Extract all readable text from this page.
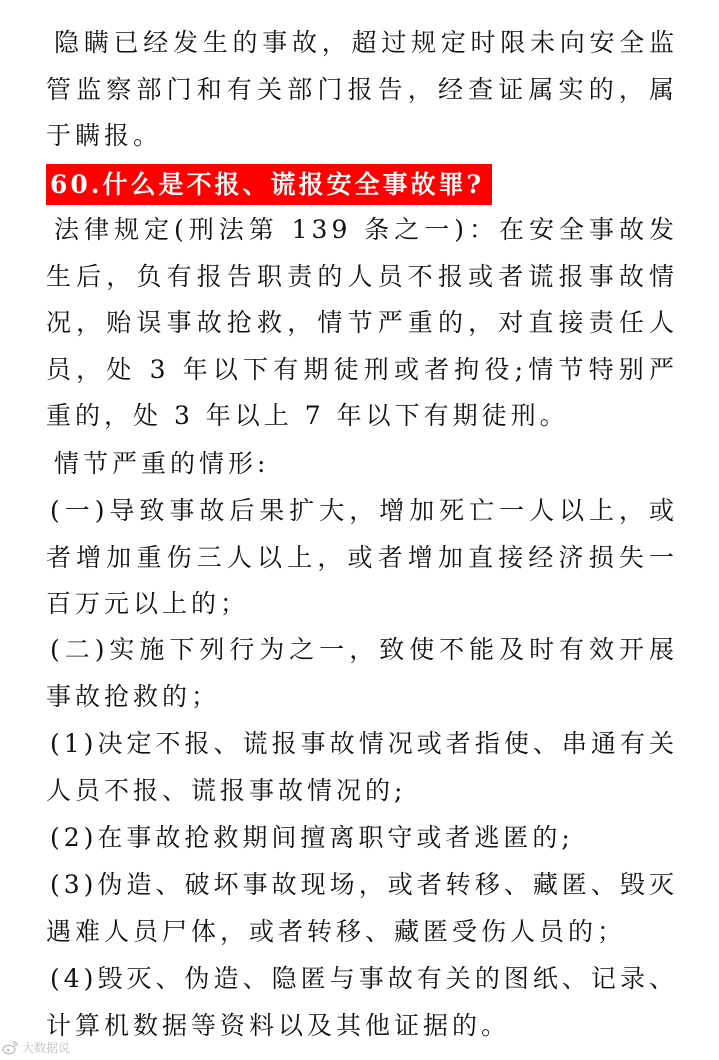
隐瞒已经发生的事故，超过规定时限未向安全监管监察部门和有关部门报告，经查证属实的，属于瞒报。

60.什么是不报、谎报安全事故罪?

法律规定(刑法第 139 条之一)：在安全事故发生后，负有报告职责的人员不报或者谎报事故情况，贻误事故抢救，情节严重的，对直接责任人员，处 3 年以下有期徒刑或者拘役;情节特别严重的，处 3 年以上 7 年以下有期徒刑。

情节严重的情形:

(一)导致事故后果扩大，增加死亡一人以上，或者增加重伤三人以上，或者增加直接经济损失一百万元以上的；

(二)实施下列行为之一，致使不能及时有效开展事故抢救的；

(1)决定不报、谎报事故情况或者指使、串通有关人员不报、谎报事故情况的;

(2)在事故抢救期间擅离职守或者逃匿的;

(3)伪造、破坏事故现场，或者转移、藏匿、毁灭遇难人员尸体，或者转移、藏匿受伤人员的；

(4)毁灭、伪造、隐匿与事故有关的图纸、记录、计算机数据等资料以及其他证据的。

大数据说
